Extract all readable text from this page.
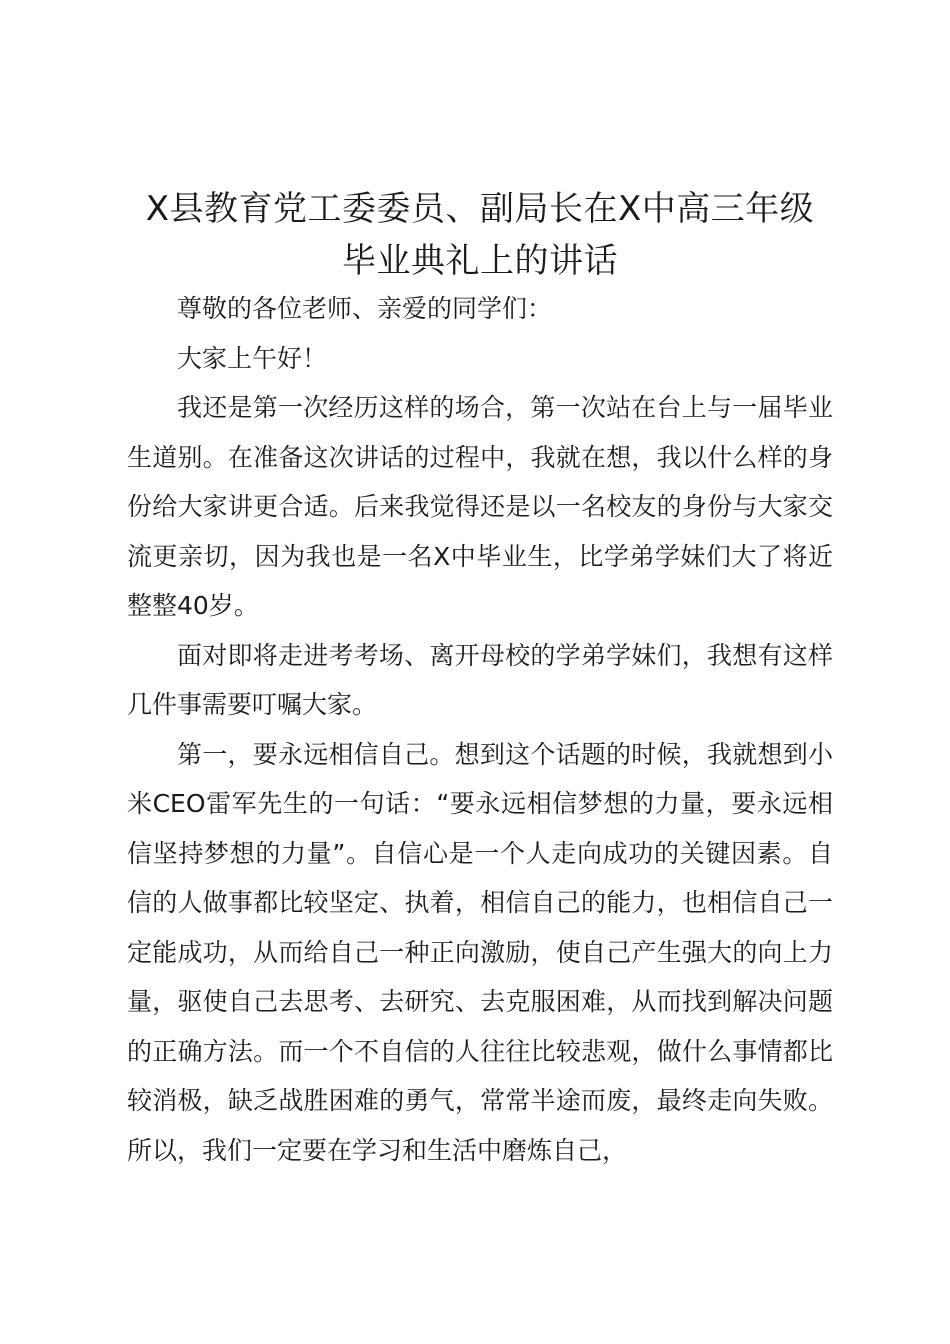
X县教育党工委委员、副局长在X中高三年级
毕业典礼上的讲话

尊敬的各位老师、亲爱的同学们：

大家上午好！

我还是第一次经历这样的场合，第一次站在台上与一届毕业生道别。在准备这次讲话的过程中，我就在想，我以什么样的身份给大家讲更合适。后来我觉得还是以一名校友的身份与大家交流更亲切，因为我也是一名X中毕业生，比学弟学妹们大了将近整整40岁。

面对即将走进考考场、离开母校的学弟学妹们，我想有这样几件事需要叮嘱大家。

第一，要永远相信自己。想到这个话题的时候，我就想到小米CEO雷军先生的一句话：“要永远相信梦想的力量，要永远相信坚持梦想的力量”。自信心是一个人走向成功的关键因素。自信的人做事都比较坚定、执着，相信自己的能力，也相信自己一定能成功，从而给自己一种正向激励，使自己产生强大的向上力量，驱使自己去思考、去研究、去克服困难，从而找到解决问题的正确方法。而一个不自信的人往往比较悲观，做什么事情都比较消极，缺乏战胜困难的勇气，常常半途而废，最终走向失败。所以，我们一定要在学习和生活中磨炼自己，
